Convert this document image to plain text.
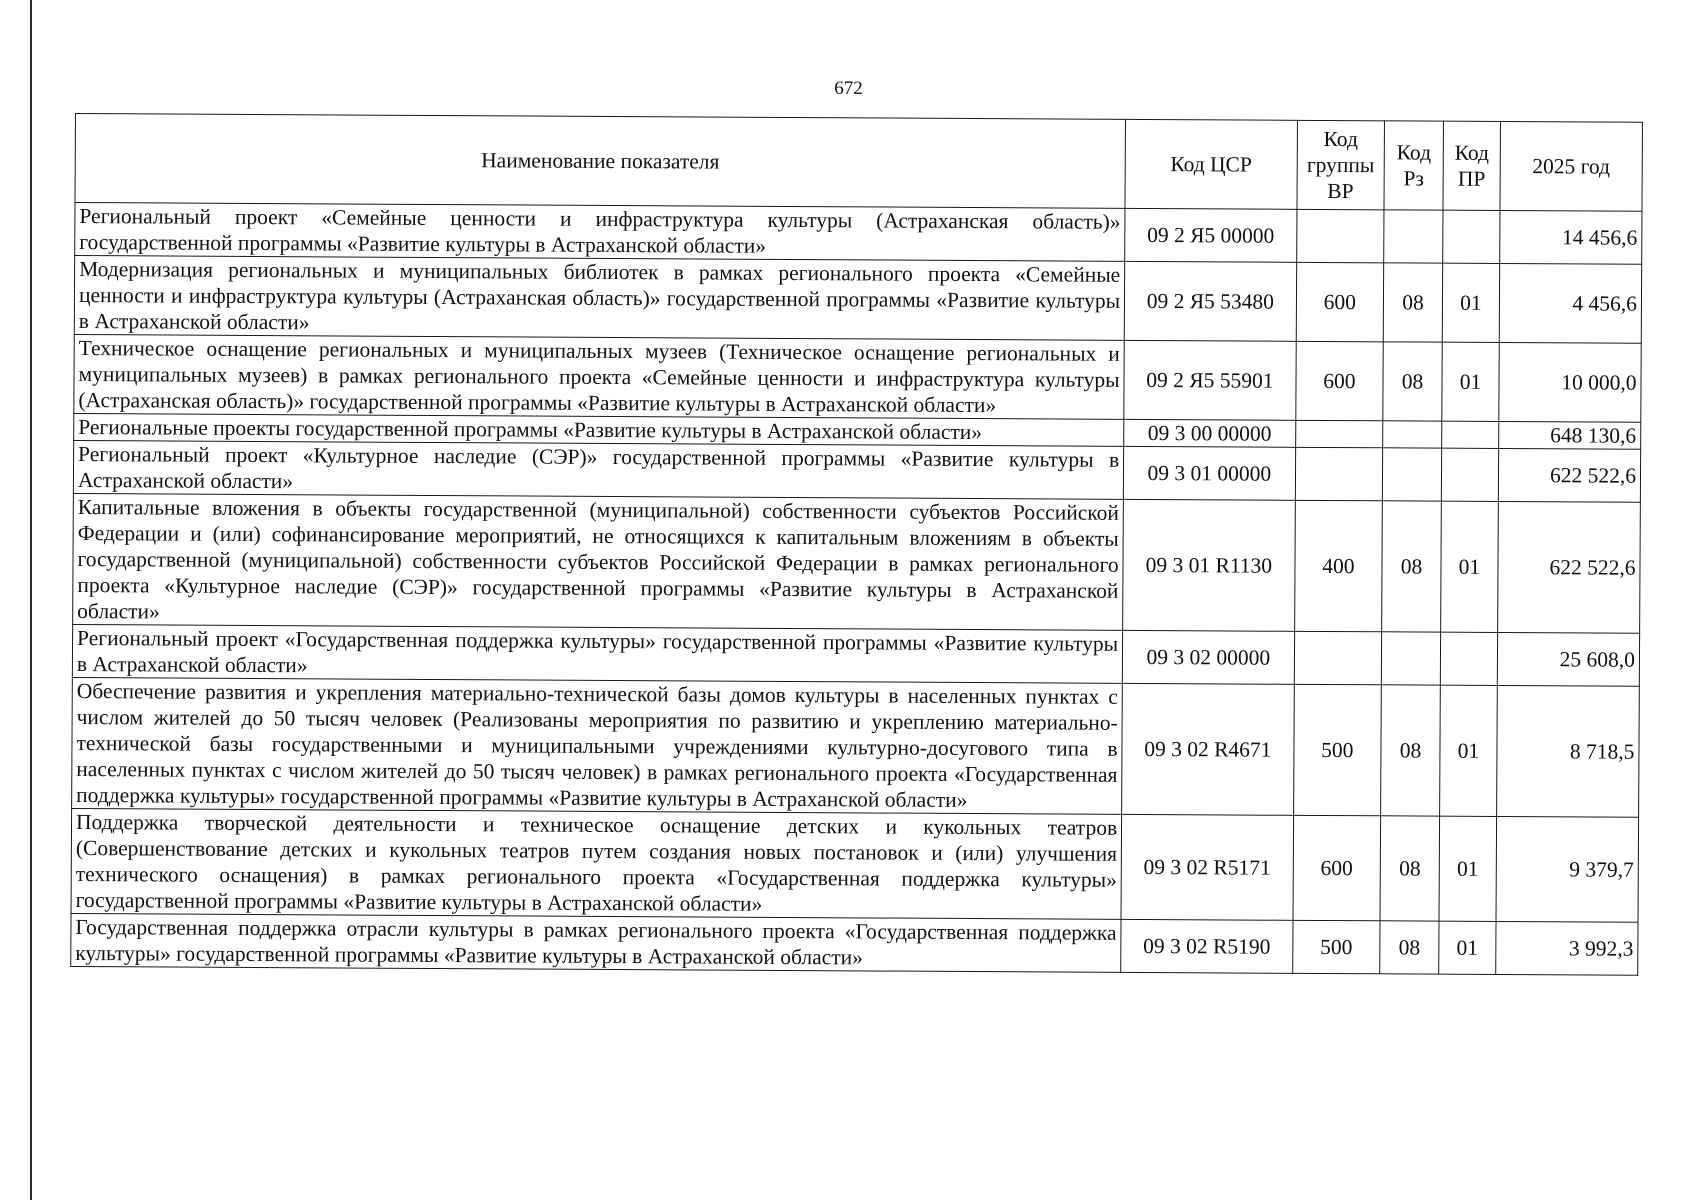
672
Наименование показателя	Код ЦСР	Код группы ВР	Код Рз	Код ПР	2025 год
Региональный проект «Семейные ценности и инфраструктура культуры (Астраханская область)» государственной программы «Развитие культуры в Астраханской области»	09 2 Я5 00000				14 456,6
Модернизация региональных и муниципальных библиотек в рамках регионального проекта «Семейные ценности и инфраструктура культуры (Астраханская область)» государственной программы «Развитие культуры в Астраханской области»	09 2 Я5 53480	600	08	01	4 456,6
Техническое оснащение региональных и муниципальных музеев (Техническое оснащение региональных и муниципальных музеев) в рамках регионального проекта «Семейные ценности и инфраструктура культуры (Астраханская область)» государственной программы «Развитие культуры в Астраханской области»	09 2 Я5 55901	600	08	01	10 000,0
Региональные проекты государственной программы «Развитие культуры в Астраханской области»	09 3 00 00000				648 130,6
Региональный проект «Культурное наследие (СЭР)» государственной программы «Развитие культуры в Астраханской области»	09 3 01 00000				622 522,6
Капитальные вложения в объекты государственной (муниципальной) собственности субъектов Российской Федерации и (или) софинансирование мероприятий, не относящихся к капитальным вложениям в объекты государственной (муниципальной) собственности субъектов Российской Федерации в рамках регионального проекта «Культурное наследие (СЭР)» государственной программы «Развитие культуры в Астраханской области»	09 3 01 R1130	400	08	01	622 522,6
Региональный проект «Государственная поддержка культуры» государственной программы «Развитие культуры в Астраханской области»	09 3 02 00000				25 608,0
Обеспечение развития и укрепления материально-технической базы домов культуры в населенных пунктах с числом жителей до 50 тысяч человек (Реализованы мероприятия по развитию и укреплению материально-технической базы государственными и муниципальными учреждениями культурно-досугового типа в населенных пунктах с числом жителей до 50 тысяч человек) в рамках регионального проекта «Государственная поддержка культуры» государственной программы «Развитие культуры в Астраханской области»	09 3 02 R4671	500	08	01	8 718,5
Поддержка творческой деятельности и техническое оснащение детских и кукольных театров (Совершенствование детских и кукольных театров путем создания новых постановок и (или) улучшения технического оснащения) в рамках регионального проекта «Государственная поддержка культуры» государственной программы «Развитие культуры в Астраханской области»	09 3 02 R5171	600	08	01	9 379,7
Государственная поддержка отрасли культуры в рамках регионального проекта «Государственная поддержка культуры» государственной программы «Развитие культуры в Астраханской области»	09 3 02 R5190	500	08	01	3 992,3
